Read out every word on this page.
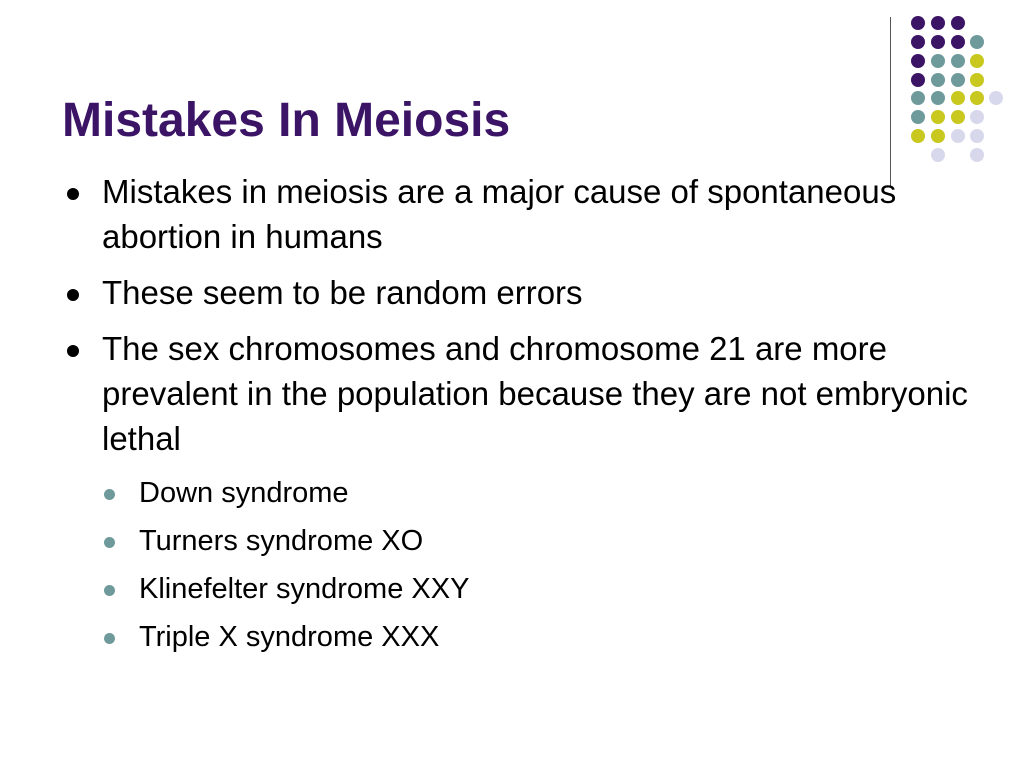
Mistakes In Meiosis
Mistakes in meiosis are a major cause of spontaneous abortion in humans
These seem to be random errors
The sex chromosomes and chromosome 21 are more prevalent in the population because they are not embryonic lethal
Down syndrome
Turners syndrome XO
Klinefelter syndrome XXY
Triple X syndrome XXX
